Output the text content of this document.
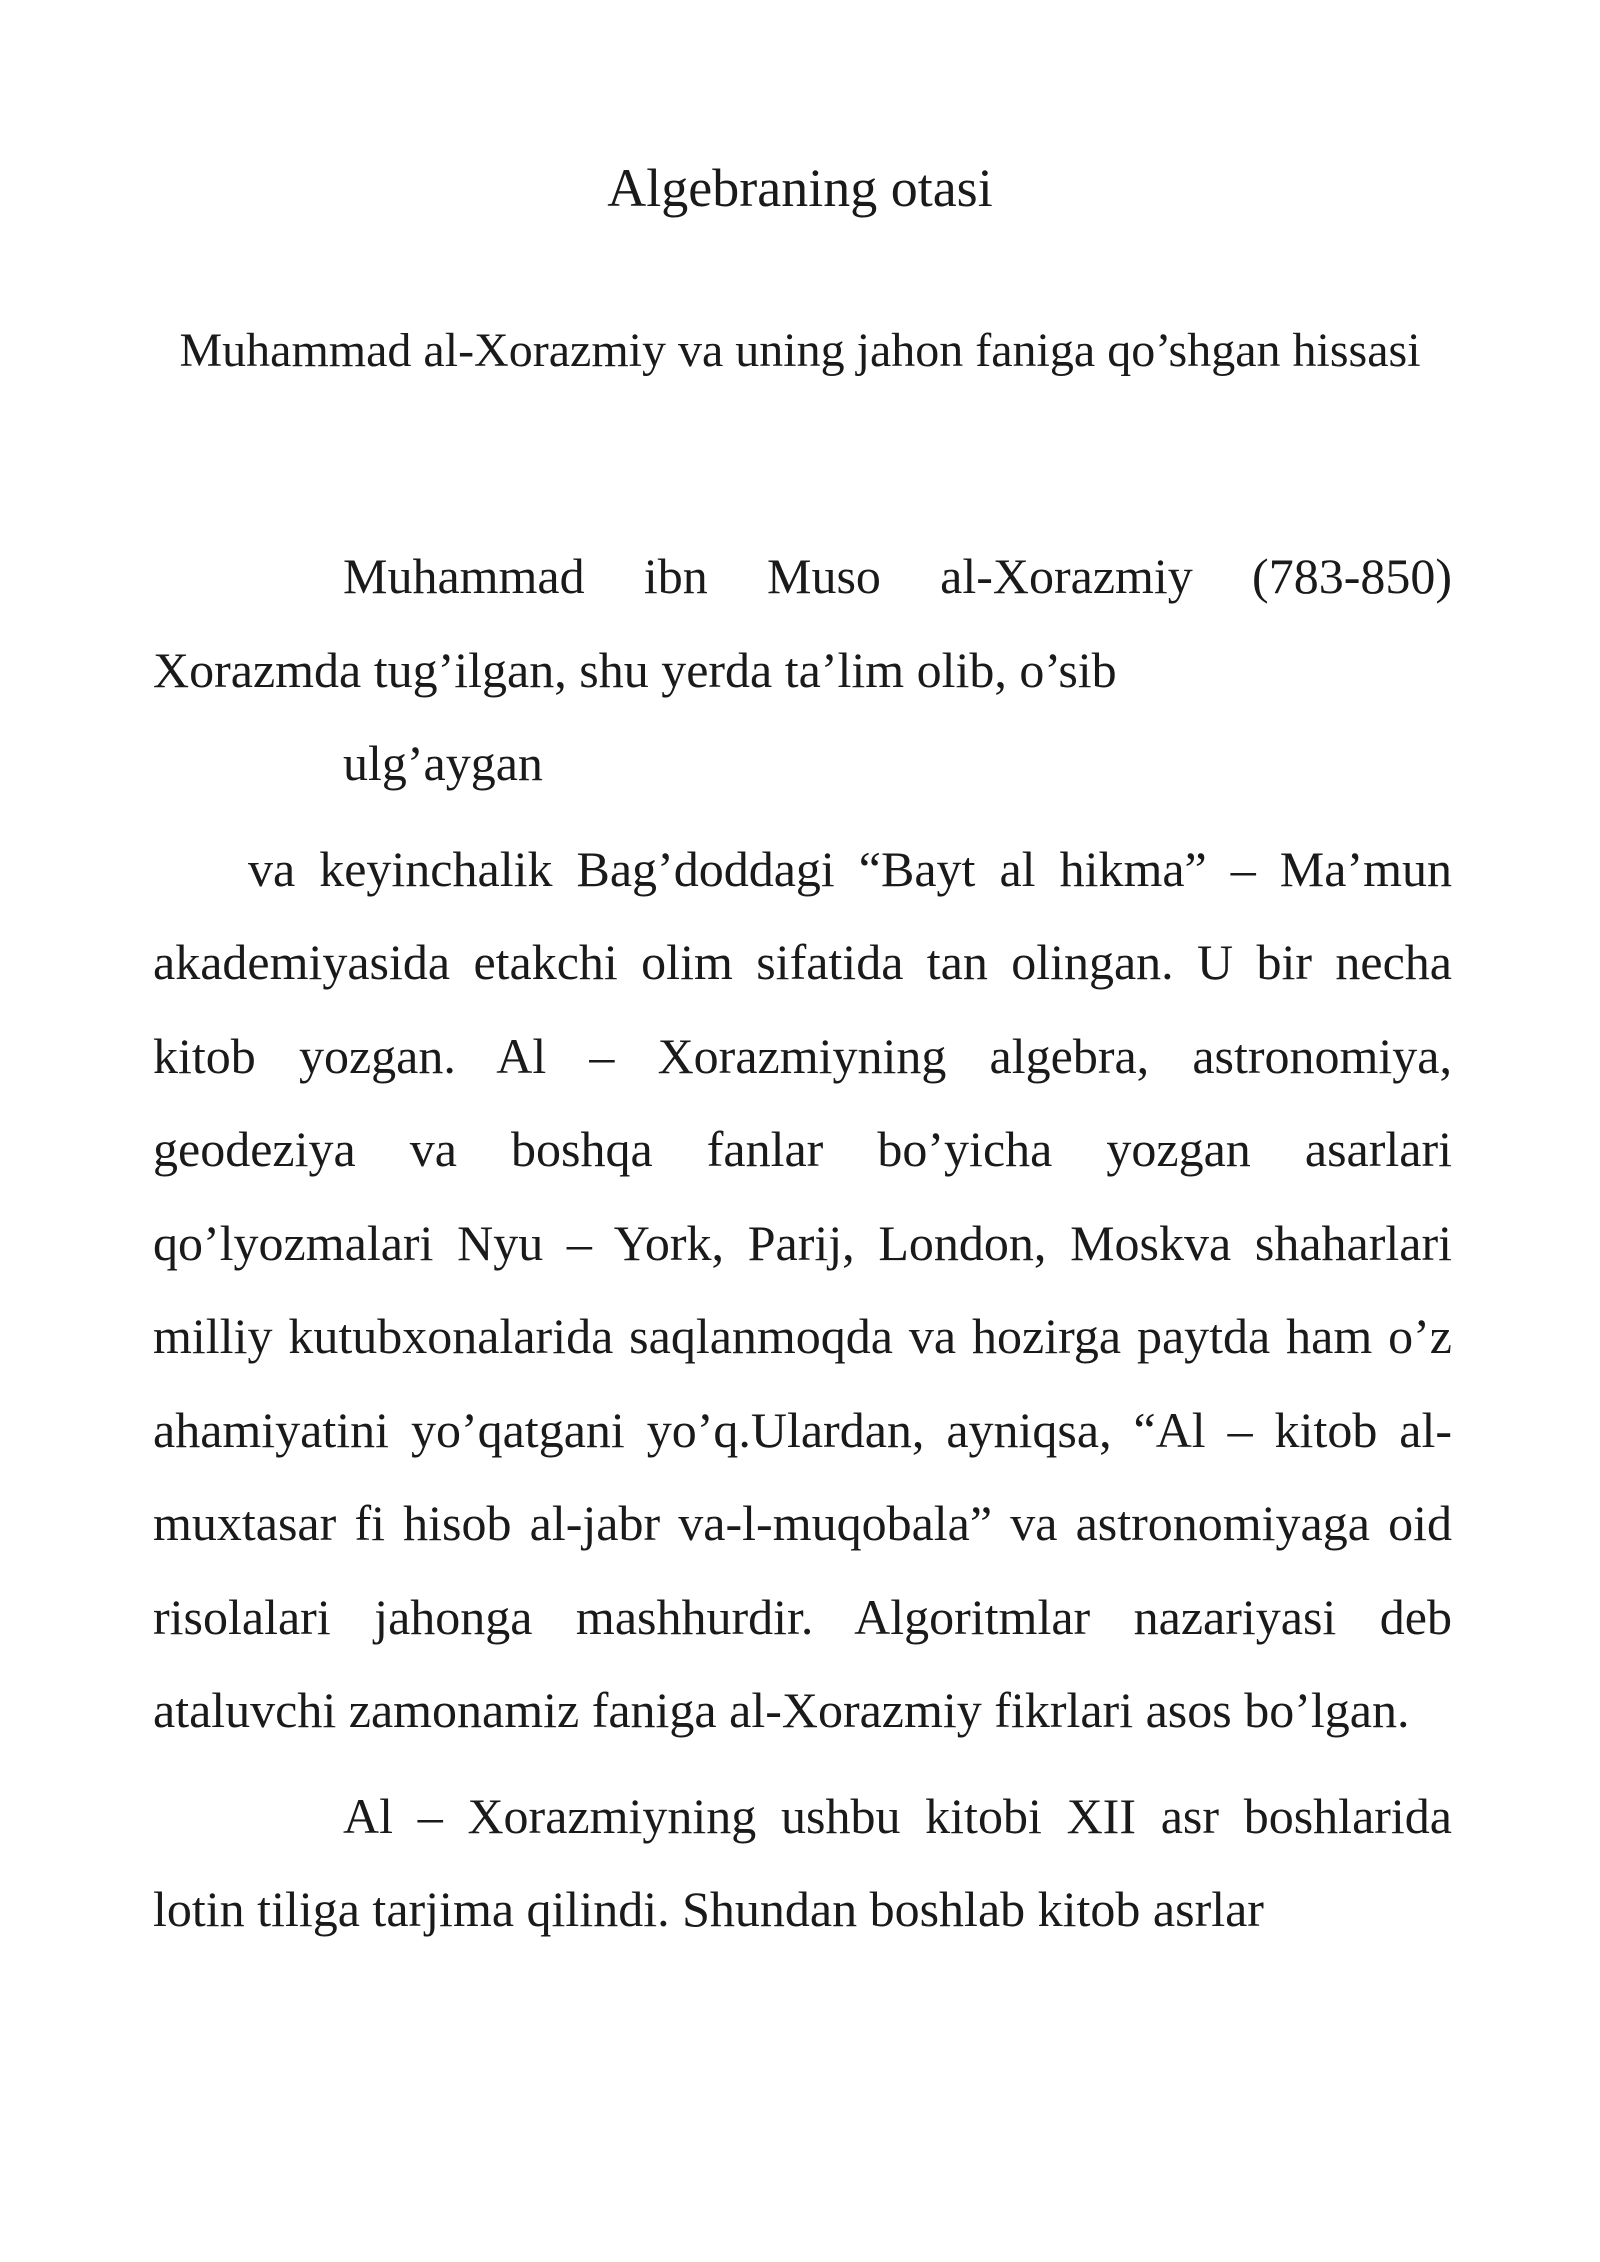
Algebraning otasi
Muhammad al-Xorazmiy va uning jahon faniga qo’shgan hissasi

Muhammad ibn Muso al-Xorazmiy (783-850) Xorazmda tug’ilgan, shu yerda ta’lim olib, o’sib
ulg’aygan

va keyinchalik Bag’doddagi “Bayt al hikma” – Ma’mun akademiyasida etakchi olim sifatida tan olingan. U bir necha kitob yozgan. Al – Xorazmiyning algebra, astronomiya, geodeziya va boshqa fanlar bo’yicha yozgan asarlari qo’lyozmalari Nyu – York, Parij, London, Moskva shaharlari milliy kutubxonalarida saqlanmoqda va hozirga paytda ham o’z ahamiyatini yo’qatgani yo’q.Ulardan, ayniqsa, “Al – kitob al-muxtasar fi hisob al-jabr va-l-muqobala” va astronomiyaga oid risolalari jahonga mashhurdir. Algoritmlar nazariyasi deb ataluvchi zamonamiz faniga al-Xorazmiy fikrlari asos bo’lgan.

Al – Xorazmiyning ushbu kitobi XII asr boshlarida lotin tiliga tarjima qilindi. Shundan boshlab kitob asrlar
